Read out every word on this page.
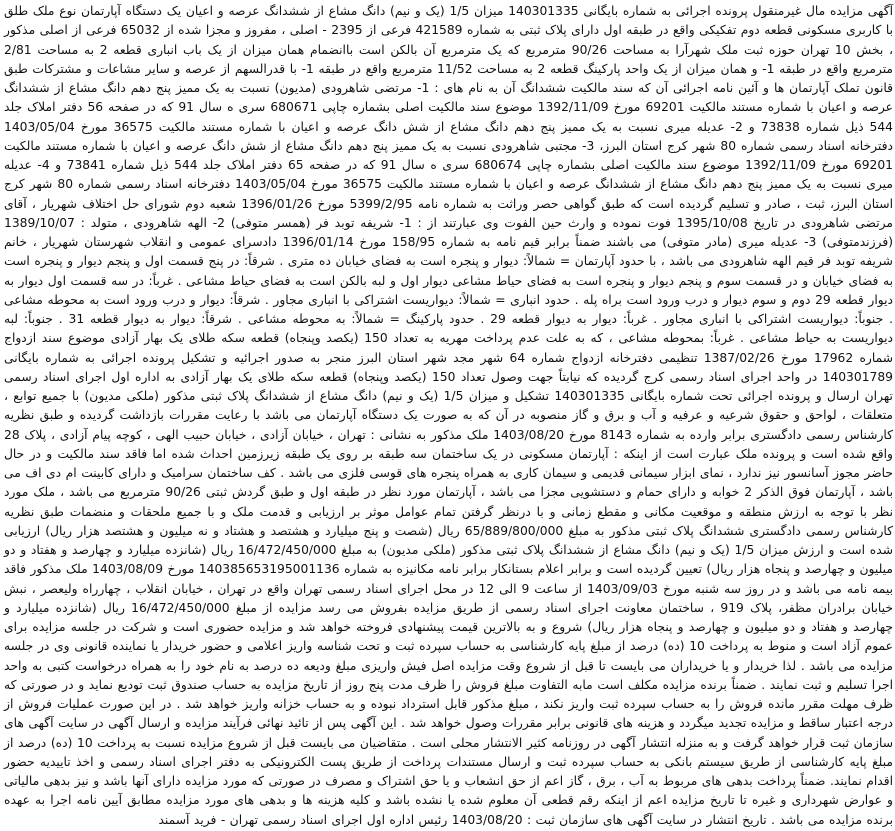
آگهی مزایده مال غیرمنقول پرونده اجرائی به شماره بایگانی 140301335 میزان 1/5 (یک و نیم) دانگ مشاع از ششدانگ عرصه و اعیان یک دستگاه آپارتمان نوع ملک طلق با کاربری مسکونی قطعه دوم تفکیکی واقع در طبقه اول دارای پلاک ثبتی به شماره 421589 فرعی از 2395 - اصلی ، مفروز و مجزا شده از 65032 فرعی از اصلی مذکور ، بخش 10 تهران حوزه ثبت ملک شهرآرا به مساحت 90/26 مترمربع که یک مترمربع آن بالکن است باانضمام همان میزان از یک باب انباری قطعه 2 به مساحت 2/81 مترمربع واقع در طبقه 1- و همان میزان از یک واحد پارکینگ قطعه 2 به مساحت 11/52 مترمربع واقع در طبقه 1- با قدرالسهم از عرصه و سایر مشاعات و مشترکات طبق قانون تملک آپارتمان ها و آئین نامه اجرائی آن که سند مالکیت ششدانگ آن به نام های : 1- مرتضی شاهرودی (مدیون) نسبت به یک ممیز پنج دهم دانگ مشاع از ششدانگ عرصه و اعیان با شماره مستند مالکیت 69201 مورخ 1392/11/09 موضوع سند مالکیت اصلی بشماره چاپی 680671 سری ه سال 91 که در صفحه 56 دفتر املاک جلد 544 ذیل شماره 73838 و 2- عدیله میری نسبت به یک ممیز پنج دهم دانگ مشاع از شش دانگ عرصه و اعیان با شماره مستند مالکیت 36575 مورخ 1403/05/04 دفترخانه اسناد رسمی شماره 80 شهر کرج استان البرز، 3- مجتبی شاهرودی نسبت به یک ممیز پنج دهم دانگ مشاع از شش دانگ عرصه و اعیان با شماره مستند مالکیت 69201 مورخ 1392/11/09 موضوع سند مالکیت اصلی بشماره چاپی 680674 سری ه سال 91 که در صفحه 65 دفتر املاک جلد 544 ذیل شماره 73841 و 4- عدیله میری نسبت به یک ممیز پنج دهم دانگ مشاع از ششدانگ عرصه و اعیان با شماره مستند مالکیت 36575 مورخ 1403/05/04 دفترخانه اسناد رسمی شماره 80 شهر کرج استان البرز، ثبت ، صادر و تسلیم گردیده است که طبق گواهی حصر وراثت به شماره نامه 5399/2/95 مورخ 1396/01/26 شعبه دوم شورای حل اختلاف شهریار ، آقای مرتضی شاهرودی در تاریخ 1395/10/08 فوت نموده و وارث حین الفوت وی عبارتند از : 1- شریفه توبد فر (همسر متوفی) 2- الهه شاهرودی ، متولد : 1389/10/07 (فرزندمتوفی) 3- عدیله میری (مادر متوفی) می باشند ضمناً برابر قیم نامه به شماره 158/95 مورخ 1396/01/14 دادسرای عمومی و انقلاب شهرستان شهریار ، خانم شریفه توبد فر قیم الهه شاهرودی می باشد ، با حدود آپارتمان = شمالاً: دیوار و پنجره است به فضای خیابان ده متری . شرقاً: در پنج قسمت اول و پنجم دیوار و پنجره است به فضای خیابان و در قسمت سوم و پنجم دیوار و پنجره است به فضای حیاط مشاعی دیوار اول و لبه بالکن است به فضای حیاط مشاعی . غرباً: در سه قسمت اول دیوار به دیوار قطعه 29 دوم و سوم دیوار و درب ورود است براه پله . حدود انباری = شمالاً: دیواریست اشتراکی با انباری مجاور . شرقاً: دیوار و درب ورود است به محوطه مشاعی . جنوباً: دیواریست اشتراکی با انباری مجاور . غرباً: دیوار به دیوار قطعه 29 . حدود پارکینگ = شمالاً: به محوطه مشاعی . شرقاً: دیوار به دیوار قطعه 31 . جنوباً: لبه دیواریست به حیاط مشاعی . غرباً: بمحوطه مشاعی ، که به علت عدم پرداخت مهریه به تعداد 150 (یکصد وپنجاه) قطعه سکه طلای یک بهار آزادی موضوع سند ازدواج شماره 17962 مورخ 1387/02/26 تنظیمی دفترخانه ازدواج شماره 64 شهر مجد شهر استان البرز منجر به صدور اجرائیه و تشکیل پرونده اجرائی به شماره بایگانی 140301789 در واحد اجرای اسناد رسمی کرج گردیده که نیابتاً جهت وصول تعداد 150 (یکصد وپنجاه) قطعه سکه طلای یک بهار آزادی به اداره اول اجرای اسناد رسمی تهران ارسال و پرونده اجرائی تحت شماره بایگانی 140301335 تشکیل و میزان 1/5 (یک و نیم) دانگ مشاع از ششدانگ پلاک ثبتی مذکور (ملکی مدیون) با جمیع توابع ، متعلقات ، لواحق و حقوق شرعیه و عرفیه و آب و برق و گاز منصوبه در آن که به صورت یک دستگاه آپارتمان می باشد با رعایت مقررات بازداشت گردیده و طبق نظریه کارشناس رسمی دادگستری برابر وارده به شماره 8143 مورخ 1403/08/20 ملک مذکور به نشانی : تهران ، خیابان آزادی ، خیابان حبیب الهی ، کوچه پیام آزادی ، پلاک 28 واقع شده است و پرونده ملک عبارت است از اینکه : آپارتمان مسکونی در یک ساختمان سه طبقه بر روی یک طبقه زیرزمین احداث شده اما فاقد سند مالکیت و در حال حاضر مجوز آسانسور نیز ندارد ، نمای ابزار سیمانی قدیمی و سیمان کاری به همراه پنجره های قوسی فلزی می باشد . کف ساختمان سرامیک و دارای کابینت ام دی اف می باشد ، آپارتمان فوق الذکر 2 خوابه و دارای حمام و دستشویی مجزا می باشد ، آپارتمان مورد نظر در طبقه اول و طبق گردش ثبتی 90/26 مترمربع می باشد ، ملک مورد نظر با توجه به ارزش منطقه و موقعیت مکانی و مقطع زمانی و با درنظر گرفتن تمام عوامل موثر بر ارزیابی و قدمت ملک و با جمیع ملحقات و منضمات طبق نظریه کارشناس رسمی دادگستری ششدانگ پلاک ثبتی مذکور به مبلغ 65/889/800/000 ریال (شصت و پنج میلیارد و هشتصد و هشتاد و نه میلیون و هشتصد هزار ریال) ارزیابی شده است و ارزش میزان 1/5 (یک و نیم) دانگ مشاع از ششدانگ پلاک ثبتی مذکور (ملکی مدیون) به مبلغ 16/472/450/000 ریال (شانزده میلیارد و چهارصد و هفتاد و دو میلیون و چهارصد و پنجاه هزار ریال) تعیین گردیده است و برابر اعلام بستانکار برابر نامه مکانیزه به شماره 140385653195001136 مورخ 1403/08/09 ملک مذکور فاقد بیمه نامه می باشد و در روز سه شنبه مورخ 1403/09/03 از ساعت 9 الی 12 در محل اجرای اسناد رسمی تهران واقع در تهران ، خیابان انقلاب ، چهارراه ولیعصر ، نبش خیابان برادران مظفر، پلاک 919 ، ساختمان معاونت اجرای اسناد رسمی از طریق مزایده بفروش می رسد مزایده از مبلغ 16/472/450/000 ریال (شانزده میلیارد و چهارصد و هفتاد و دو میلیون و چهارصد و پنجاه هزار ریال) شروع و به بالاترین قیمت پیشنهادی فروخته خواهد شد و مزایده حضوری است و شرکت در جلسه مزایده برای عموم آزاد است و منوط به پرداخت 10 (ده) درصد از مبلغ پایه کارشناسی به حساب سپرده ثبت و تحت شناسه واریز اعلامی و حضور خریدار یا نماینده قانونی وی در جلسه مزایده می باشد . لذا خریدار و یا خریداران می بایست تا قبل از شروع وقت مزایده اصل فیش واریزی مبلغ ودیعه ده درصد به نام خود را به همراه درخواست کتبی به واحد اجرا تسلیم و ثبت نمایند . ضمناً برنده مزایده مکلف است مابه التفاوت مبلغ فروش را ظرف مدت پنج روز از تاریخ مزایده به حساب صندوق ثبت تودیع نماید و در صورتی که ظرف مهلت مقرر مانده فروش را به حساب سپرده ثبت واریز نکند ، مبلغ مذکور قابل استرداد نبوده و به حساب خزانه واریز خواهد شد . در این صورت عملیات فروش از درجه اعتبار ساقط و مزایده تجدید میگردد و هزینه های قانونی برابر مقررات وصول خواهد شد . این آگهی پس از تائید نهائی فرآیند مزایده و ارسال آگهی در سایت آگهی های سازمان ثبت قرار خواهد گرفت و به منزله انتشار آگهی در روزنامه کثیر الانتشار محلی است . متقاضیان می بایست قبل از شروع مزایده نسبت به پرداخت 10 (ده) درصد از مبلغ پایه کارشناسی از طریق سیستم بانکی به حساب سپرده ثبت و ارسال مستندات پرداخت از طریق پست الکترونیکی به دفتر اجرای اسناد رسمی و اخذ تاییدیه حضور اقدام نمایند. ضمناً پرداخت بدهی های مربوط به آب ، برق ، گاز اعم از حق انشعاب و یا حق اشتراک و مصرف در صورتی که مورد مزایده دارای آنها باشد و نیز بدهی مالیاتی و عوارض شهرداری و غیره تا تاریخ مزایده اعم از اینکه رقم قطعی آن معلوم شده یا نشده باشد و کلیه هزینه ها و بدهی های مورد مزایده مطابق آیین نامه اجرا به عهده برنده مزایده می باشد . تاریخ انتشار در سایت آگهی های سازمان ثبت : 1403/08/20 رئیس اداره اول اجرای اسناد رسمی تهران - فرید آسمند
